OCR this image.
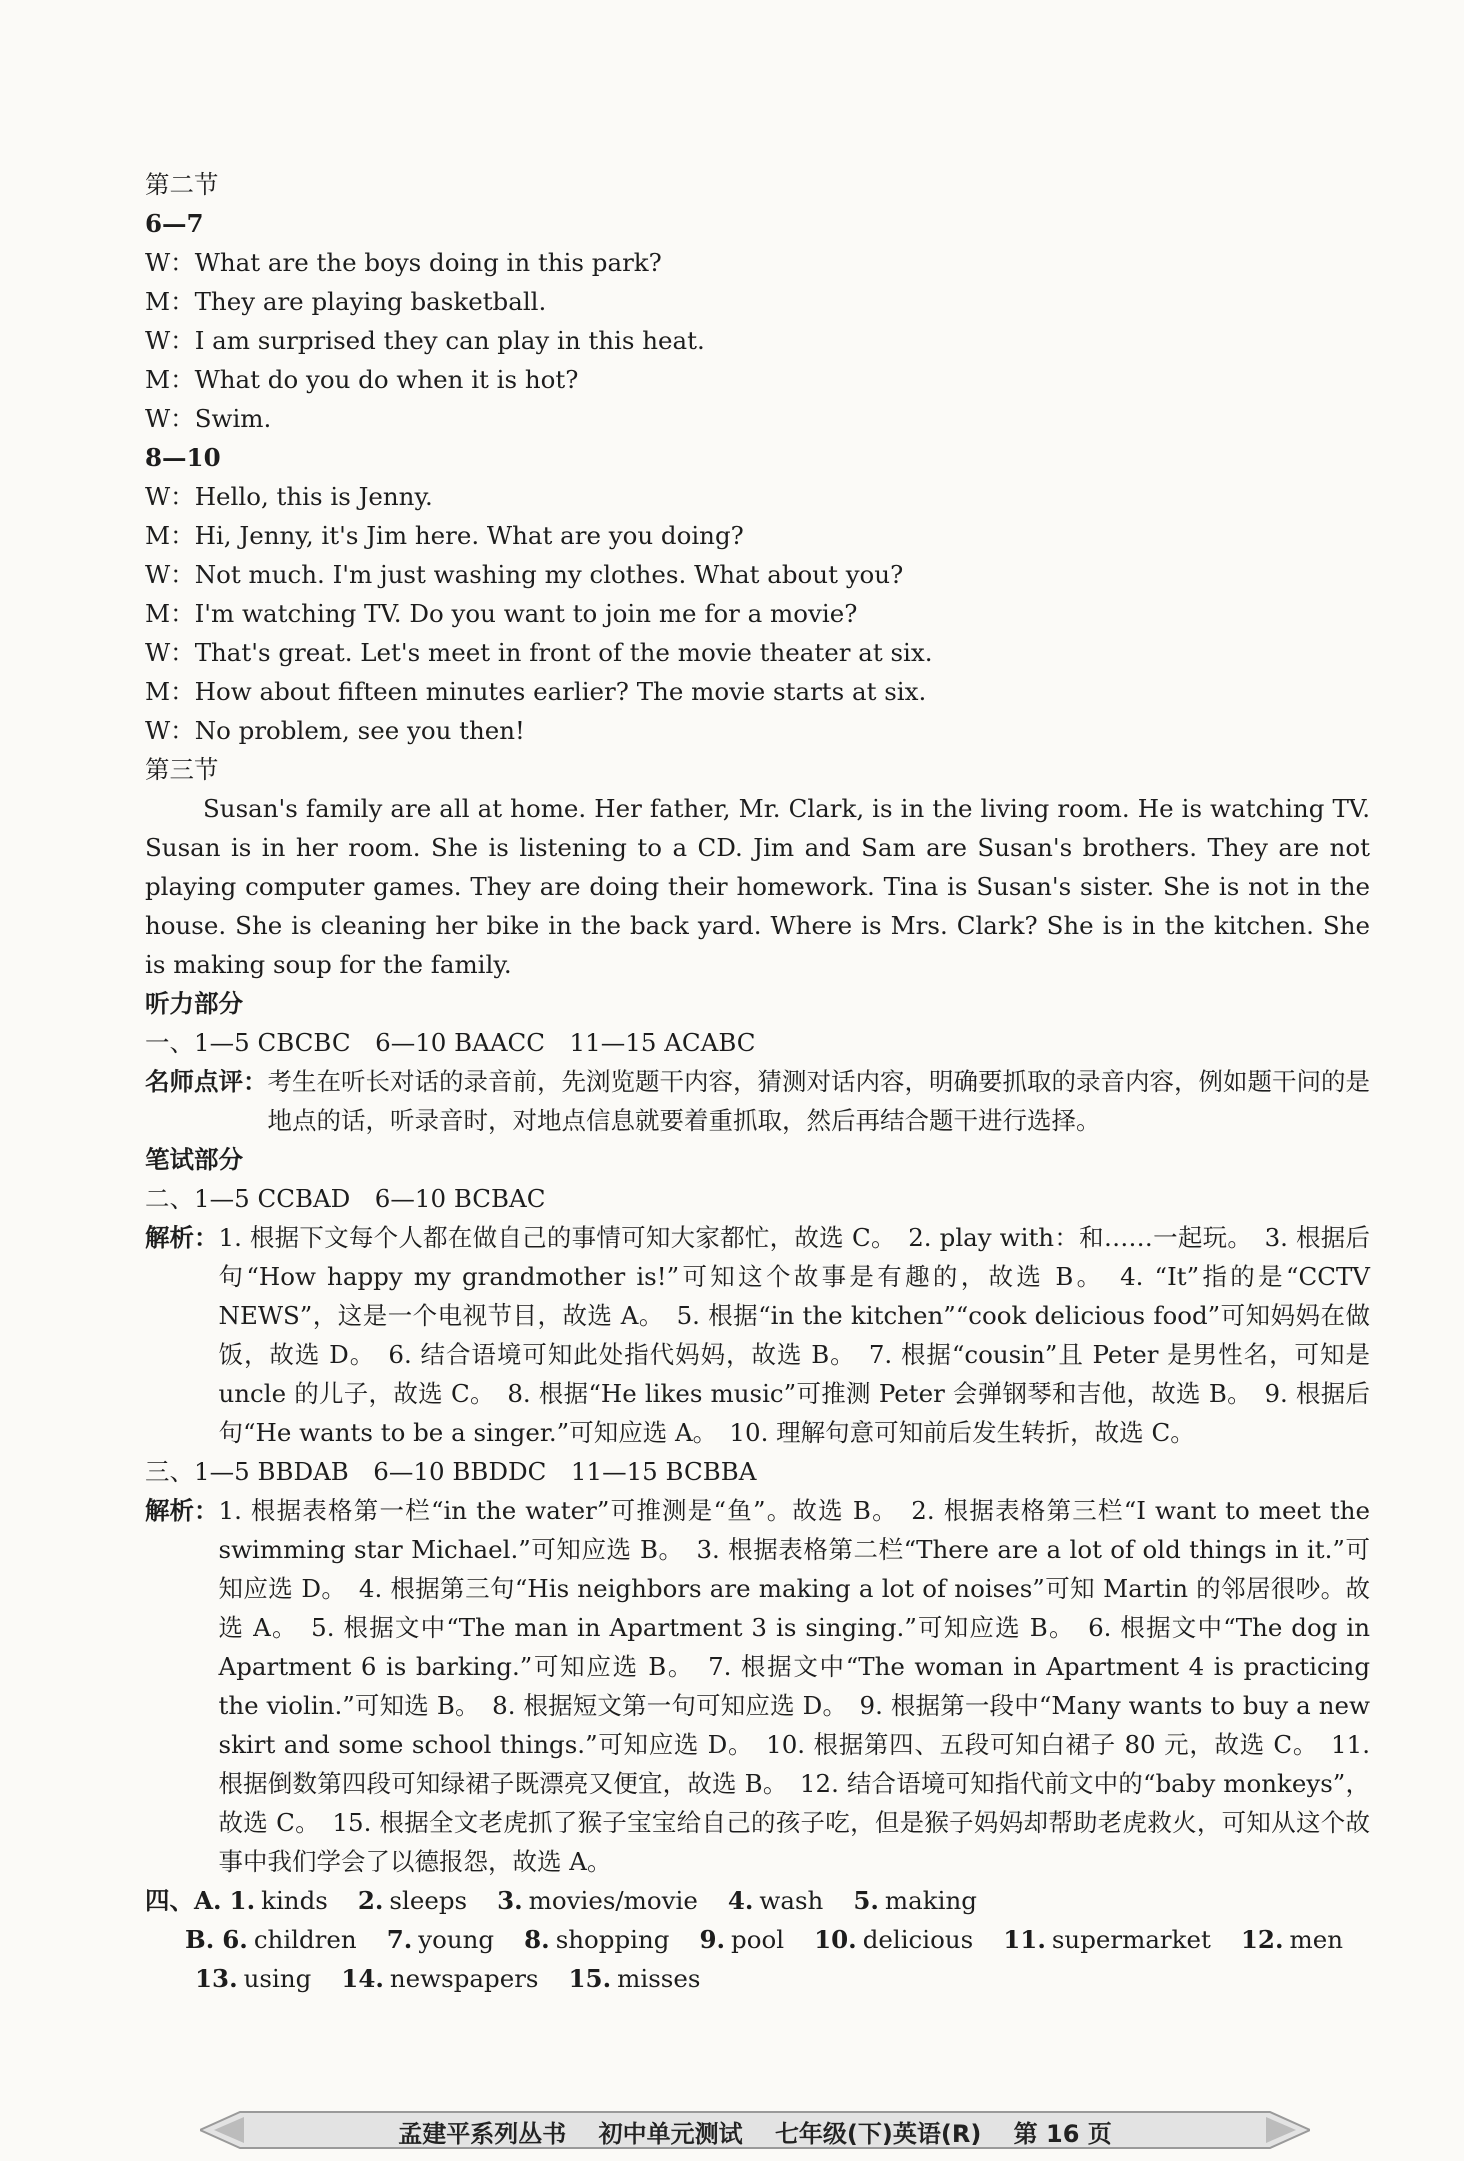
第二节
6—7
W：What are the boys doing in this park?
M：They are playing basketball.
W：I am surprised they can play in this heat.
M：What do you do when it is hot?
W：Swim.
8—10
W：Hello, this is Jenny.
M：Hi, Jenny, it's Jim here. What are you doing?
W：Not much. I'm just washing my clothes. What about you?
M：I'm watching TV. Do you want to join me for a movie?
W：That's great. Let's meet in front of the movie theater at six.
M：How about fifteen minutes earlier? The movie starts at six.
W：No problem, see you then!
第三节

Susan's family are all at home. Her father, Mr. Clark, is in the living room. He is watching TV. Susan is in her room. She is listening to a CD. Jim and Sam are Susan's brothers. They are not playing computer games. They are doing their homework. Tina is Susan's sister. She is not in the house. She is cleaning her bike in the back yard. Where is Mrs. Clark? She is in the kitchen. She is making soup for the family.

听力部分
一、1—5 CBCBC　6—10 BAACC　11—15 ACABC
名师点评： 考生在听长对话的录音前，先浏览题干内容，猜测对话内容，明确要抓取的录音内容，例如题干问的是地点的话，听录音时，对地点信息就要着重抓取，然后再结合题干进行选择。
笔试部分
二、1—5 CCBAD　6—10 BCBAC
解析： 1. 根据下文每个人都在做自己的事情可知大家都忙，故选 C。　2. play with：和……一起玩。　3. 根据后句“How happy my grandmother is!”可知这个故事是有趣的，故选 B。　4. “It”指的是“CCTV NEWS”，这是一个电视节目，故选 A。　5. 根据“in the kitchen”“cook delicious food”可知妈妈在做饭，故选 D。　6. 结合语境可知此处指代妈妈，故选 B。　7. 根据“cousin”且 Peter 是男性名，可知是 uncle 的儿子，故选 C。　8. 根据“He likes music”可推测 Peter 会弹钢琴和吉他，故选 B。　9. 根据后句“He wants to be a singer.”可知应选 A。　10. 理解句意可知前后发生转折，故选 C。
三、1—5 BBDAB　6—10 BBDDC　11—15 BCBBA
解析： 1. 根据表格第一栏“in the water”可推测是“鱼”。故选 B。　2. 根据表格第三栏“I want to meet the swimming star Michael.”可知应选 B。　3. 根据表格第二栏“There are a lot of old things in it.”可知应选 D。　4. 根据第三句“His neighbors are making a lot of noises”可知 Martin 的邻居很吵。故选 A。　5. 根据文中“The man in Apartment 3 is singing.”可知应选 B。　6. 根据文中“The dog in Apartment 6 is barking.”可知应选 B。　7. 根据文中“The woman in Apartment 4 is practicing the violin.”可知选 B。　8. 根据短文第一句可知应选 D。　9. 根据第一段中“Many wants to buy a new skirt and some school things.”可知应选 D。　10. 根据第四、五段可知白裙子 80 元，故选 C。　11. 根据倒数第四段可知绿裙子既漂亮又便宜，故选 B。　12. 结合语境可知指代前文中的“baby monkeys”，故选 C。　15. 根据全文老虎抓了猴子宝宝给自己的孩子吃，但是猴子妈妈却帮助老虎救火，可知从这个故事中我们学会了以德报怨，故选 A。
四、A. 1. kinds 2. sleeps 3. movies/movie 4. wash 5. making
B. 6. children 7. young 8. shopping 9. pool 10. delicious 11. supermarket 12. men
13. using 14. newspapers 15. misses
孟建平系列丛书　 初中单元测试　 七年级(下)英语(R)　 第 16 页
